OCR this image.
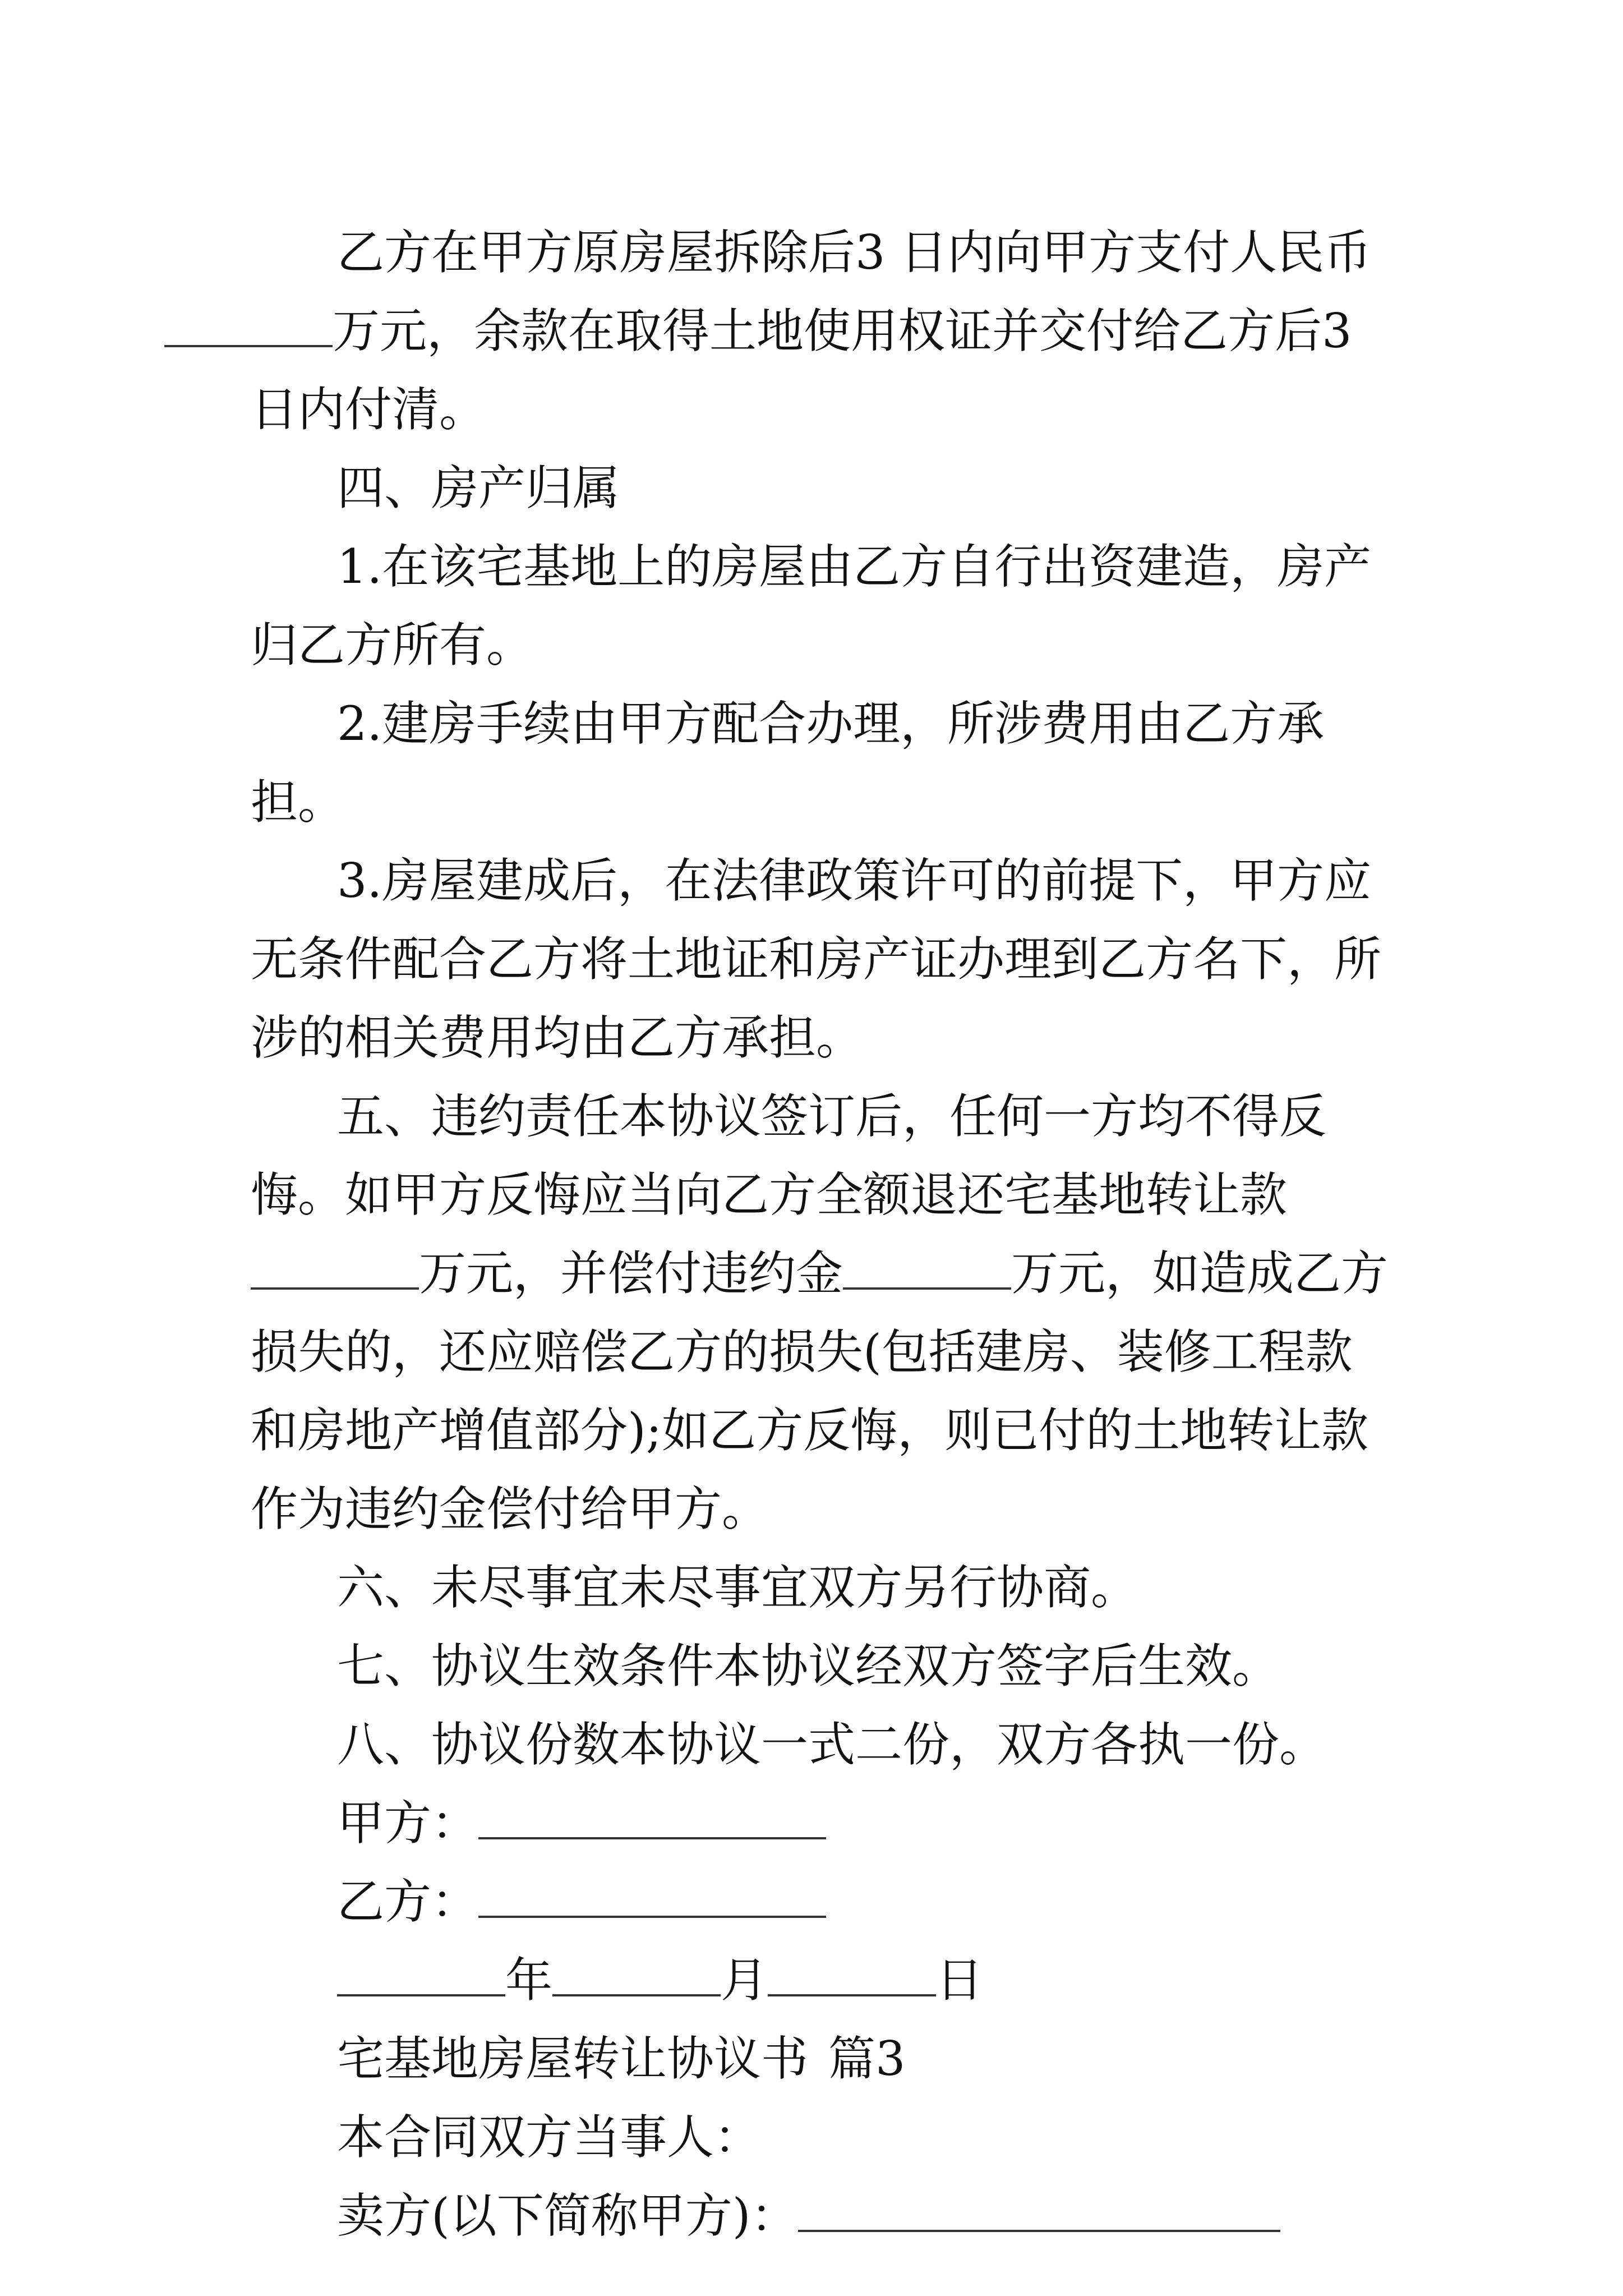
乙方在甲方原房屋拆除后3 日内向甲方支付人民币万元，余款在取得土地使用权证并交付给乙方后3日内付清。

四、房产归属

1.在该宅基地上的房屋由乙方自行出资建造，房产归乙方所有。

2.建房手续由甲方配合办理，所涉费用由乙方承担。

3.房屋建成后，在法律政策许可的前提下，甲方应无条件配合乙方将土地证和房产证办理到乙方名下，所涉的相关费用均由乙方承担。

五、违约责任本协议签订后，任何一方均不得反悔。如甲方反悔应当向乙方全额退还宅基地转让款万元，并偿付违约金	万元，如造成乙方损失的，还应赔偿乙方的损失(包括建房、装修工程款和房地产增值部分);如乙方反悔，则已付的土地转让款作为违约金偿付给甲方。

六、未尽事宜未尽事宜双方另行协商。

七、协议生效条件本协议经双方签字后生效。

八、协议份数本协议一式二份，双方各执一份。

甲方：

乙方：

年	月	日

宅基地房屋转让协议书 篇3

本合同双方当事人：

卖方(以下简称甲方)：
